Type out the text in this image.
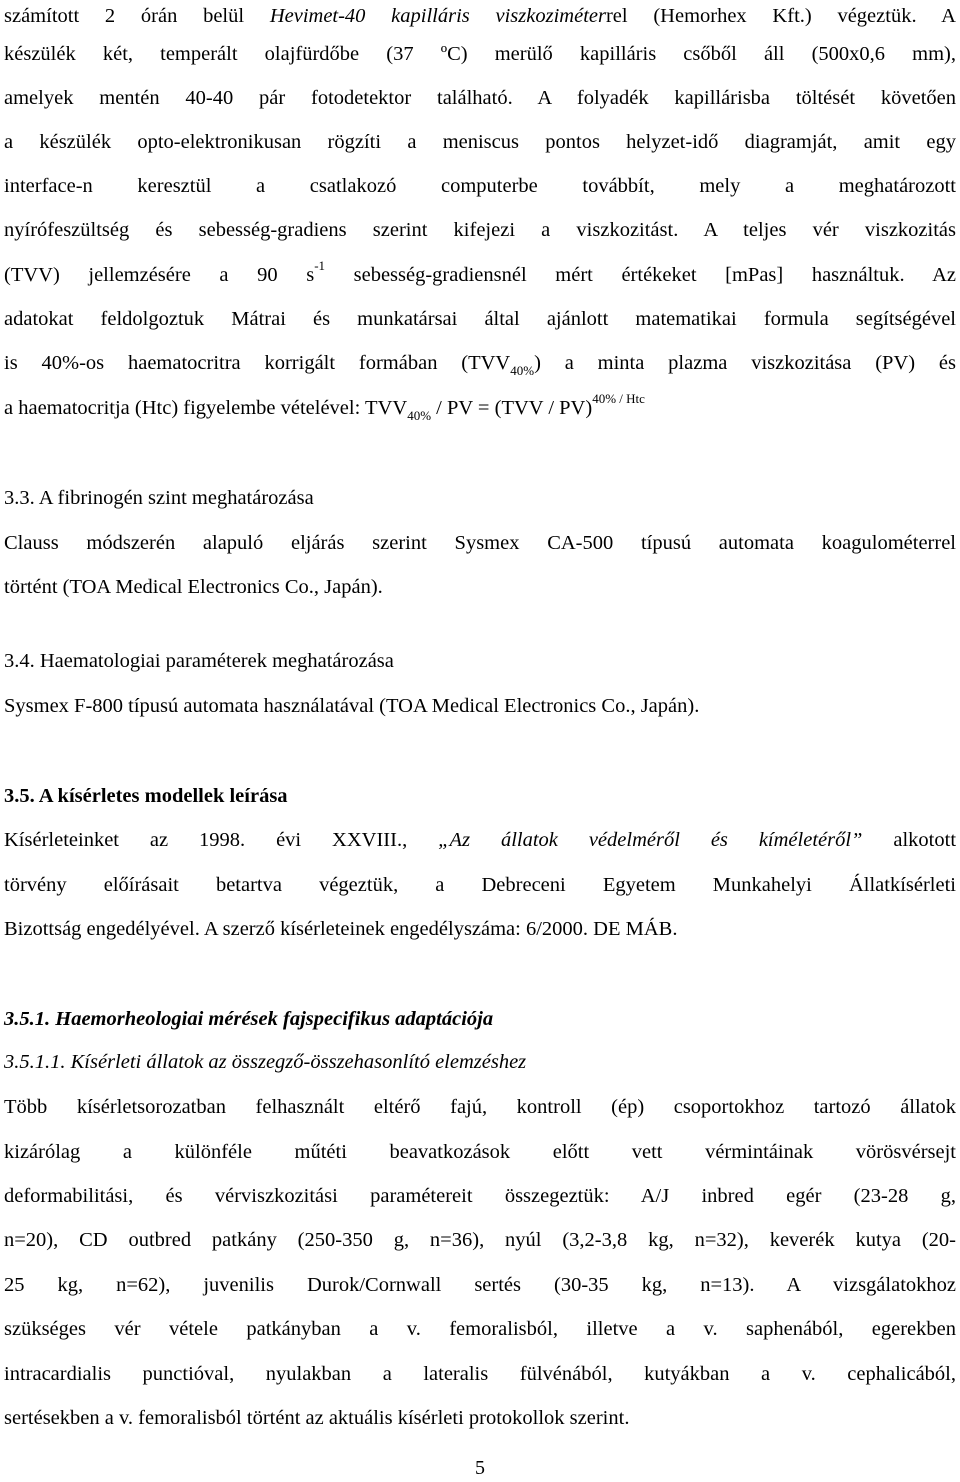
számított 2 órán belül Hevimet-40 kapilláris viszkoziméterrel (Hemorhex Kft.) végeztük. A
készülék két, temperált olajfürdőbe (37 ºC) merülő kapilláris csőből áll (500x0,6 mm),
amelyek mentén 40-40 pár fotodetektor található. A folyadék kapillárisba töltését követően
a készülék opto-elektronikusan rögzíti a meniscus pontos helyzet-idő diagramját, amit egy
interface-n keresztül a csatlakozó computerbe továbbít, mely a meghatározott
nyírófeszültség és sebesség-gradiens szerint kifejezi a viszkozitást. A teljes vér viszkozitás
(TVV) jellemzésére a 90 $s^{-1}$ sebesség-gradiensnél mért értékeket [mPas] használtuk. Az
adatokat feldolgoztuk Mátrai és munkatársai által ajánlott matematikai formula segítségével
is 40%-os haematocritra korrigált formában $(TVV_{40\%})$ a minta plazma viszkozitása (PV) és
a haematocritja (Htc) figyelembe vételével: $TVV_{40\%}$ / PV = (TVV / PV)$^{40\% / Htc}$
3.3. A fibrinogén szint meghatározása
Clauss módszerén alapuló eljárás szerint Sysmex CA-500 típusú automata koagulométerrel
történt (TOA Medical Electronics Co., Japán).
3.4. Haematologiai paraméterek meghatározása
Sysmex F-800 típusú automata használatával (TOA Medical Electronics Co., Japán).
3.5. A kísérletes modellek leírása
Kísérleteinket az 1998. évi XXVIII., „Az állatok védelméről és kíméletéről” alkotott
törvény előírásait betartva végeztük, a Debreceni Egyetem Munkahelyi Állatkísérleti
Bizottság engedélyével. A szerző kísérleteinek engedélyszáma: 6/2000. DE MÁB.
3.5.1. Haemorheologiai mérések fajspecifikus adaptációja
3.5.1.1. Kísérleti állatok az összegző-összehasonlító elemzéshez
Több kísérletsorozatban felhasznált eltérő fajú, kontroll (ép) csoportokhoz tartozó állatok
kizárólag a különféle műtéti beavatkozások előtt vett vérmintáinak vörösvérsejt
deformabilitási, és vérviszkozitási paramétereit összegeztük: A/J inbred egér (23-28 g,
n=20), CD outbred patkány (250-350 g, n=36), nyúl (3,2-3,8 kg, n=32), keverék kutya (20-
25 kg, n=62), juvenilis Durok/Cornwall sertés (30-35 kg, n=13). A vizsgálatokhoz
szükséges vér vétele patkányban a v. femoralisból, illetve a v. saphenából, egerekben
intracardialis punctióval, nyulakban a lateralis fülvénából, kutyákban a v. cephalicából,
sertésekben a v. femoralisból történt az aktuális kísérleti protokollok szerint.
5
